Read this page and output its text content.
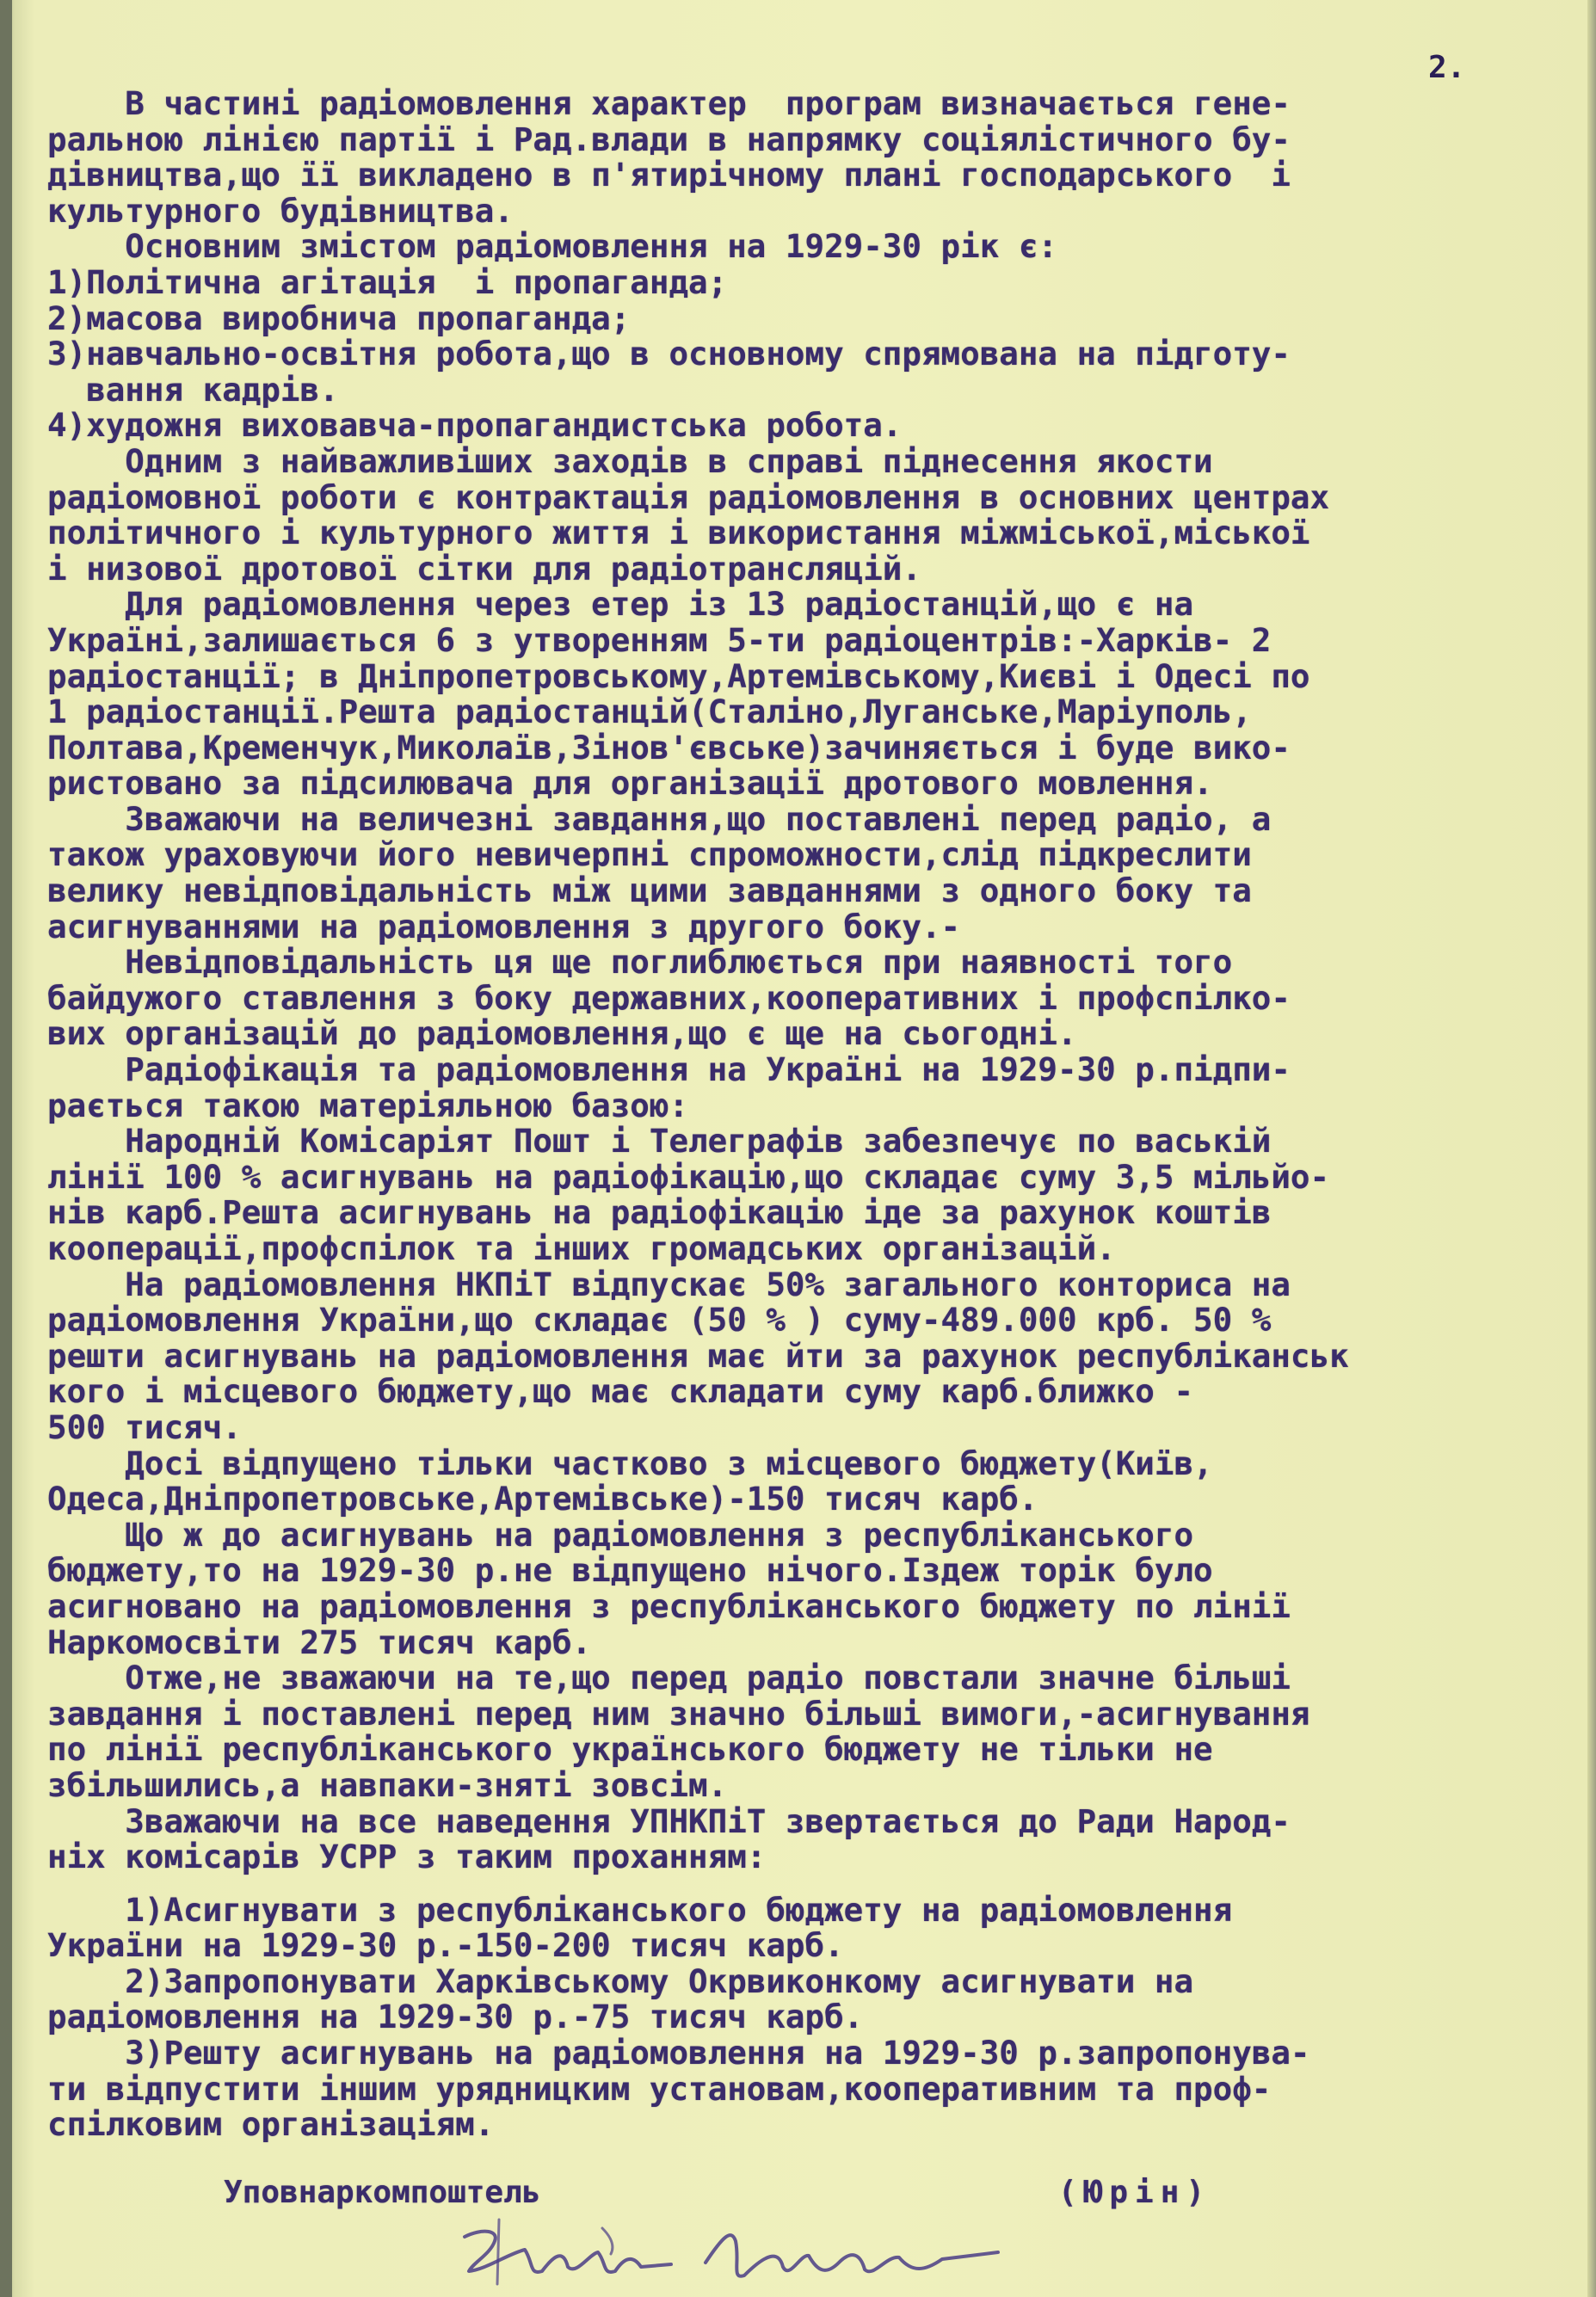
2.
В частині радіомовлення характер  програм визначається гене-
ральною лінією партії і Рад.влади в напрямку соціялістичного бу-
дівництва,що її викладено в п'ятирічному плані господарського  і
культурного будівництва.
Основним змістом радіомовлення на 1929-30 рік є:
1)Політична агітація  і пропаганда;
2)масова виробнича пропаганда;
3)навчально-освітня робота,що в основному спрямована на підготу-
вання кадрів.
4)художня виховавча-пропагандистська робота.
Одним з найважливіших заходів в справі піднесення якости
радіомовної роботи є контрактація радіомовлення в основних центрах
політичного і культурного життя і використання міжміської,міської
і низової дротової сітки для радіотрансляцій.
Для радіомовлення через етер із 13 радіостанцій,що є на
Україні,залишається 6 з утворенням 5-ти радіоцентрів:-Харків- 2
радіостанції; в Дніпропетровському,Артемівському,Києві і Одесі по
1 радіостанції.Решта радіостанцій(Сталіно,Луганське,Маріуполь,
Полтава,Кременчук,Миколаїв,Зінов'євське)зачиняється і буде вико-
ристовано за підсилювача для організації дротового мовлення.
Зважаючи на величезні завдання,що поставлені перед радіо, а
також ураховуючи його невичерпні спроможности,слід підкреслити
велику невідповідальність між цими завданнями з одного боку та
асигнуваннями на радіомовлення з другого боку.-
Невідповідальність ця ще поглиблюється при наявності того
байдужого ставлення з боку державних,кооперативних і профспілко-
вих організацій до радіомовлення,що є ще на сьогодні.
Радіофікація та радіомовлення на Україні на 1929-30 р.підпи-
рається такою матеріяльною базою:
Народній Комісаріят Пошт і Телеграфів забезпечує по ваській
лінії 100 % асигнувань на радіофікацію,що складає суму 3,5 мільйо-
нів карб.Решта асигнувань на радіофікацію іде за рахунок коштів
кооперації,профспілок та інших громадських організацій.
На радіомовлення НКПіТ відпускає 50% загального конториса на
радіомовлення України,що складає (50 % ) суму-489.000 крб. 50 %
решти асигнувань на радіомовлення має йти за рахунок республіканськ
кого і місцевого бюджету,що має складати суму карб.ближко -
500 тисяч.
Досі відпущено тільки частково з місцевого бюджету(Київ,
Одеса,Дніпропетровське,Артемівське)-150 тисяч карб.
Що ж до асигнувань на радіомовлення з республіканського
бюджету,то на 1929-30 р.не відпущено нічого.Іздеж торік було
асигновано на радіомовлення з республіканського бюджету по лінії
Наркомосвіти 275 тисяч карб.
Отже,не зважаючи на те,що перед радіо повстали значне більші
завдання і поставлені перед ним значно більші вимоги,-асигнування
по лінії республіканського українського бюджету не тільки не
збільшились,а навпаки-зняті зовсім.
Зважаючи на все наведення УПНКПіТ звертається до Ради Народ-
ніх комісарів УСРР з таким проханням:
1)Асигнувати з республіканського бюджету на радіомовлення
України на 1929-30 р.-150-200 тисяч карб.
2)Запропонувати Харківському Окрвиконкому асигнувати на
радіомовлення на 1929-30 р.-75 тисяч карб.
3)Решту асигнувань на радіомовлення на 1929-30 р.запропонува-
ти відпустити іншим урядницким установам,кооперативним та проф-
спілковим організаціям.
Уповнаркомпоштель	(Юрін)
